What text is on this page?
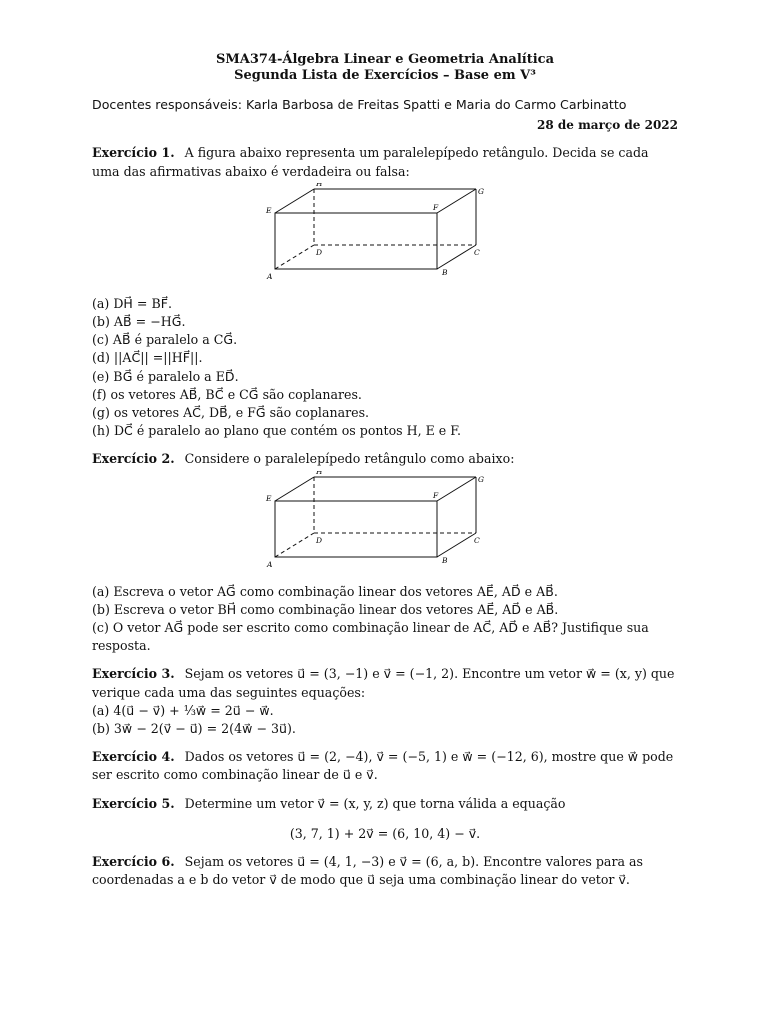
SMA374-Álgebra Linear e Geometria Analítica
Segunda Lista de Exercícios – Base em V³
Docentes responsáveis: Karla Barbosa de Freitas Spatti e Maria do Carmo Carbinatto
28 de março de 2022
Exercício 1. A figura abaixo representa um paralelepípedo retângulo. Decida se cada uma das afirmativas abaixo é verdadeira ou falsa:
H
G
E	F
D	C
A	B
(a) DH⃗ = BF⃗.
(b) AB⃗ = −HG⃗.
(c) AB⃗ é paralelo a CG⃗.
(d) ||AC⃗|| =||HF⃗||.
(e) BG⃗ é paralelo a ED⃗.
(f) os vetores AB⃗, BC⃗ e CG⃗ são coplanares.
(g) os vetores AC⃗, DB⃗, e FG⃗ são coplanares.
(h) DC⃗ é paralelo ao plano que contém os pontos H, E e F.
Exercício 2. Considere o paralelepípedo retângulo como abaixo:
H
G
E	F
D	C
A	B
(a) Escreva o vetor AG⃗ como combinação linear dos vetores AE⃗, AD⃗ e AB⃗.
(b) Escreva o vetor BH⃗ como combinação linear dos vetores AE⃗, AD⃗ e AB⃗.
(c) O vetor AG⃗ pode ser escrito como combinação linear de AC⃗, AD⃗ e AB⃗? Justifique sua resposta.
Exercício 3. Sejam os vetores u⃗ = (3, −1) e v⃗ = (−1, 2). Encontre um vetor w⃗ = (x, y) que verique cada uma das seguintes equações:
(a) 4(u⃗ − v⃗) + ⅓w⃗ = 2u⃗ − w⃗.
(b) 3w⃗ − 2(v⃗ − u⃗) = 2(4w⃗ − 3u⃗).
Exercício 4. Dados os vetores u⃗ = (2, −4), v⃗ = (−5, 1) e w⃗ = (−12, 6), mostre que w⃗ pode ser escrito como combinação linear de u⃗ e v⃗.
Exercício 5. Determine um vetor v⃗ = (x, y, z) que torna válida a equação
(3, 7, 1) + 2v⃗ = (6, 10, 4) − v⃗.
Exercício 6. Sejam os vetores u⃗ = (4, 1, −3) e v⃗ = (6, a, b). Encontre valores para as coordenadas a e b do vetor v⃗ de modo que u⃗ seja uma combinação linear do vetor v⃗.
